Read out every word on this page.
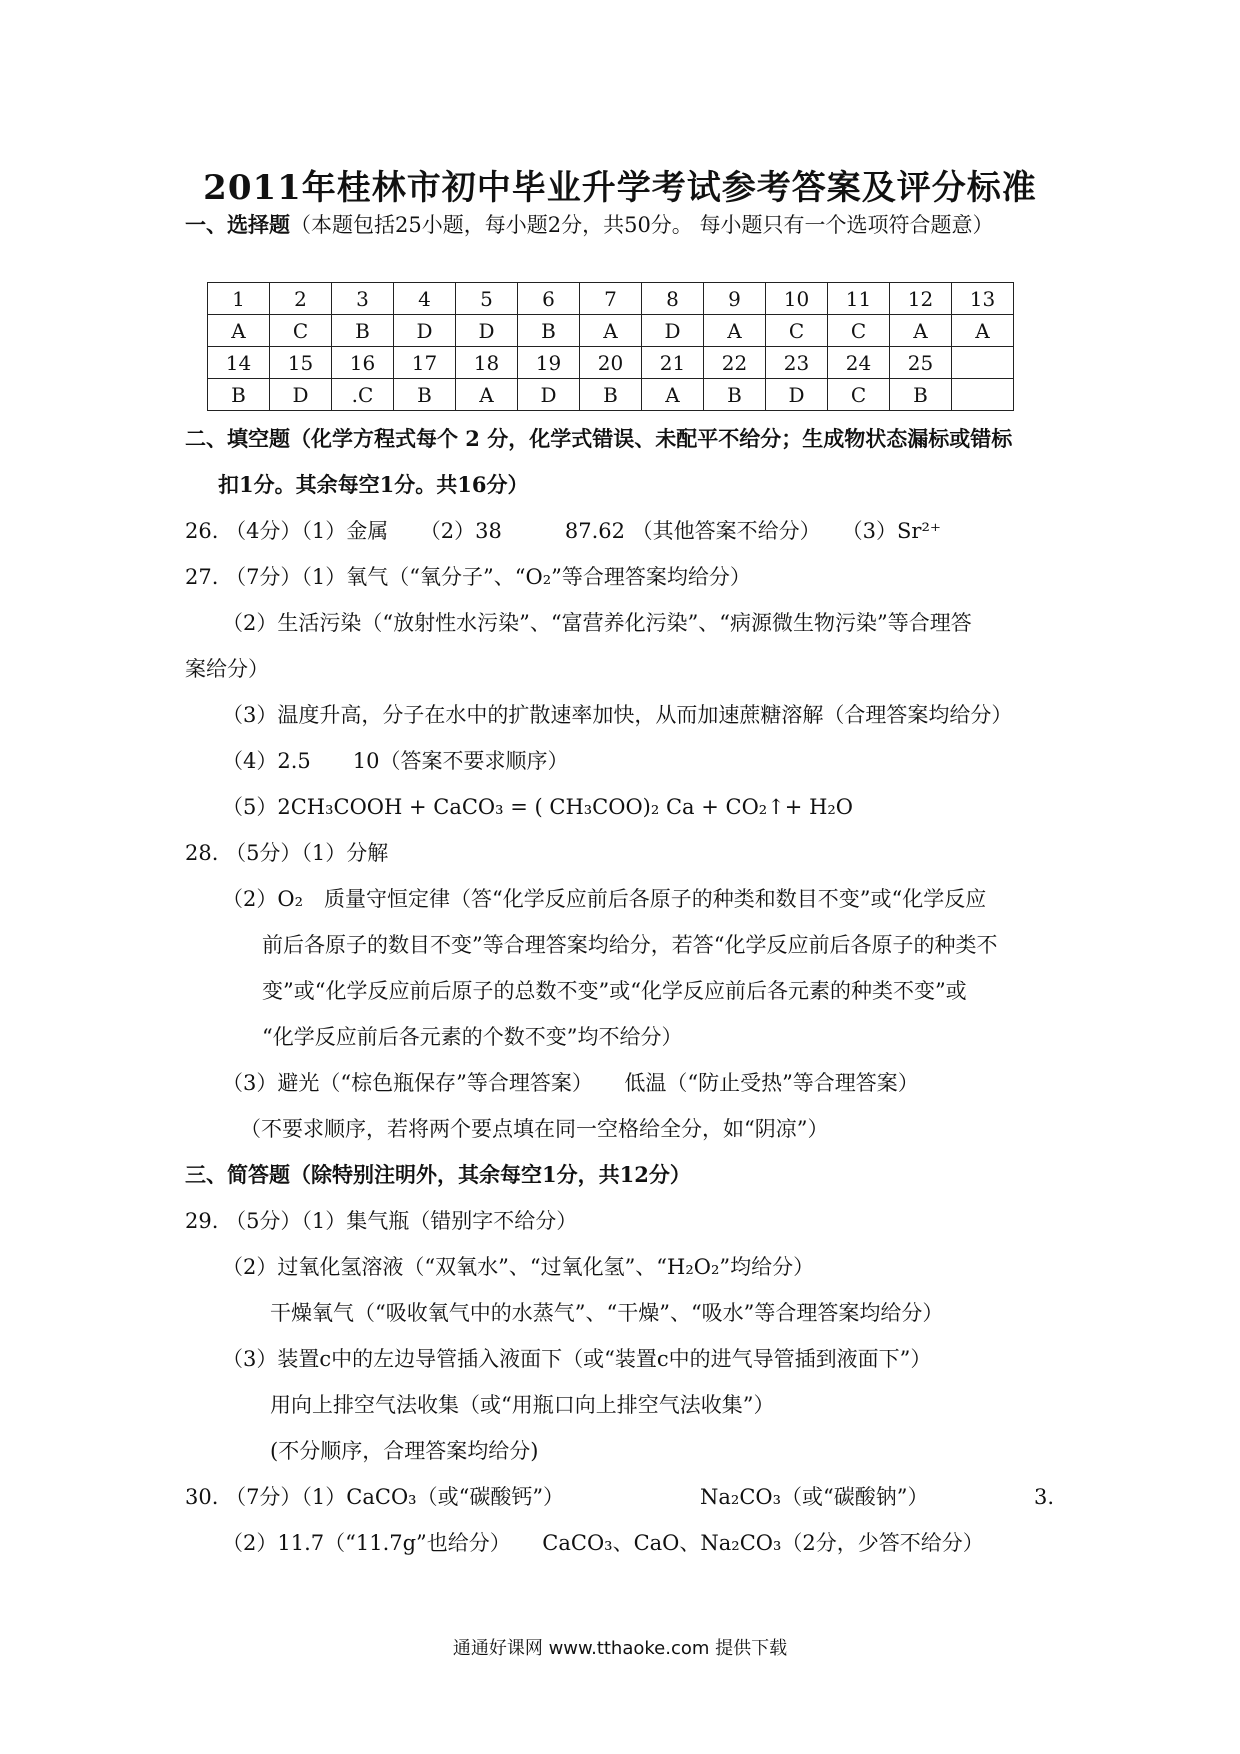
2011年桂林市初中毕业升学考试参考答案及评分标准
一、选择题（本题包括25小题，每小题2分，共50分。 每小题只有一个选项符合题意）
1	2	3	4	5	6	7	8	9	10	11	12	13
A	C	B	D	D	B	A	D	A	C	C	A	A
14	15	16	17	18	19	20	21	22	23	24	25	
B	D	.C	B	A	D	B	A	B	D	C	B	
二、填空题（化学方程式每个 2 分，化学式错误、未配平不给分；生成物状态漏标或错标
扣1分。其余每空1分。共16分）
26. （4分）（1）金属　　（2）38　　　87.62 （其他答案不给分）　　（3）Sr²⁺
27. （7分）（1）氧气（“氧分子”、“O₂”等合理答案均给分）
（2）生活污染（“放射性水污染”、“富营养化污染”、“病源微生物污染”等合理答
案给分）
（3）温度升高，分子在水中的扩散速率加快，从而加速蔗糖溶解（合理答案均给分）
（4）2.5　　10（答案不要求顺序）
（5）2CH₃COOH + CaCO₃ = ( CH₃COO)₂ Ca + CO₂↑+ H₂O
28. （5分）（1）分解
（2）O₂　质量守恒定律（答“化学反应前后各原子的种类和数目不变”或“化学反应
前后各原子的数目不变”等合理答案均给分，若答“化学反应前后各原子的种类不
变”或“化学反应前后原子的总数不变”或“化学反应前后各元素的种类不变”或
“化学反应前后各元素的个数不变”均不给分）
（3）避光（“棕色瓶保存”等合理答案）　　低温（“防止受热”等合理答案）
（不要求顺序，若将两个要点填在同一空格给全分，如“阴凉”）
三、简答题（除特别注明外，其余每空1分，共12分）
29. （5分）（1）集气瓶（错别字不给分）
（2）过氧化氢溶液（“双氧水”、“过氧化氢”、“H₂O₂”均给分）
干燥氧气（“吸收氧气中的水蒸气”、“干燥”、“吸水”等合理答案均给分）
（3）装置c中的左边导管插入液面下（或“装置c中的进气导管插到液面下”）
用向上排空气法收集（或“用瓶口向上排空气法收集”）
(不分顺序，合理答案均给分)
30. （7分）（1）CaCO₃（或“碳酸钙”）	Na₂CO₃（或“碳酸钠”）	3.
（2）11.7（“11.7g”也给分）　　CaCO₃、CaO、Na₂CO₃（2分，少答不给分）
通通好课网 www.tthaoke.com 提供下载
